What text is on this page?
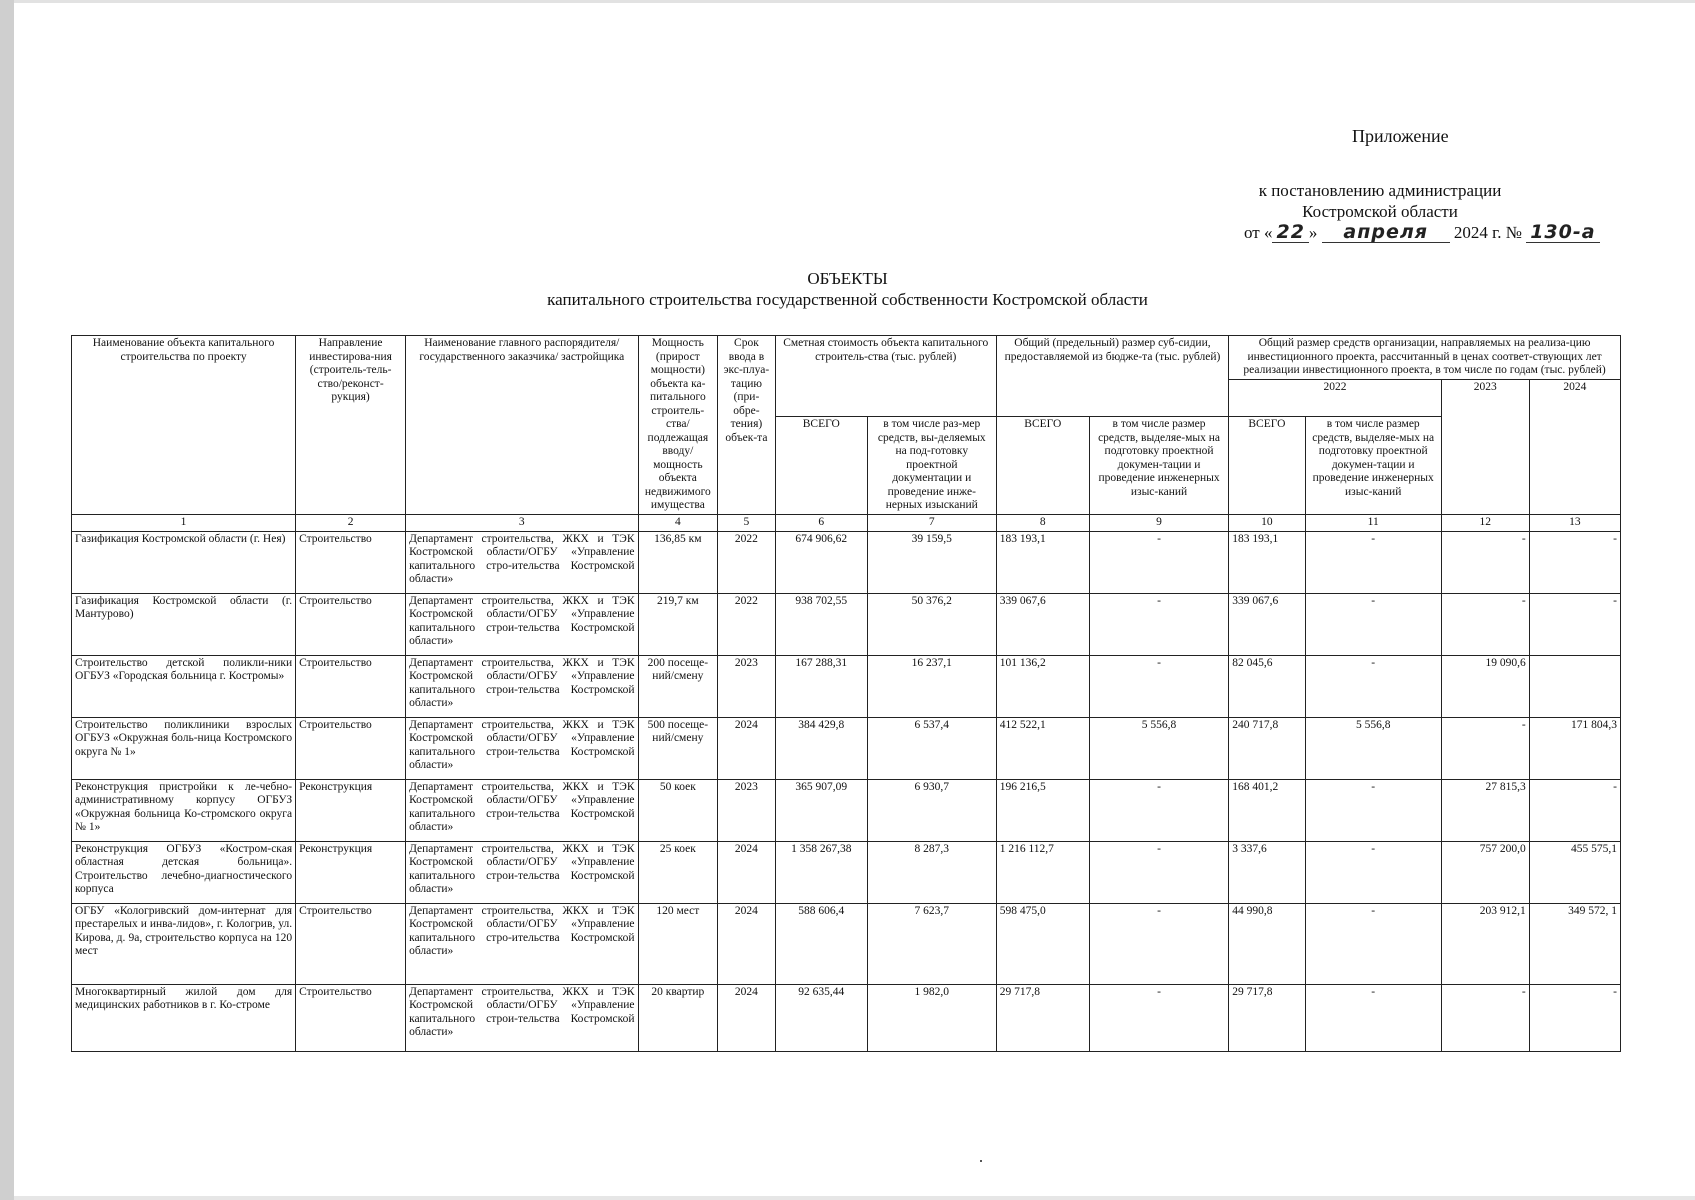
Приложение
к постановлению администрации
Костромской области
от « 22 » апреля 2024 г. № 130-а
ОБЪЕКТЫ
капитального строительства государственной собственности Костромской области
Наименование объекта капитального строительства по проекту	Направление инвестирова-ния (строитель-тель-ство/реконст-рукция)	Наименование главного распорядителя/ государственного заказчика/ застройщика	Мощность (прирост мощности) объекта ка-питального строитель-ства/ подлежащая вводу/ мощность объекта недвижимого имущества	Срок ввода в экс-плуа-тацию (при-обре-тения) объек-та	Сметная стоимость объекта капитального строитель-ства (тыс. рублей)		Общий (предельный) размер суб-сидии, предоставляемой из бюдже-та (тыс. рублей)		Общий размер средств организации, направляемых на реализа-цию инвестиционного проекта, рассчитанный в ценах соответ-ствующих лет реализации инвестиционного проекта, в том числе по годам (тыс. рублей)			
									2022		2023	2024
					ВСЕГО	в том числе раз-мер средств, вы-деляемых на под-готовку проектной документации и проведение инже-нерных изысканий	ВСЕГО	в том числе размер средств, выделяе-мых на подготовку проектной докумен-тации и проведение инженерных изыс-каний	ВСЕГО	в том числе размер средств, выделяе-мых на подготовку проектной докумен-тации и проведение инженерных изыс-каний		
1	2	3	4	5	6	7	8	9	10	11	12	13
Газификация Костромской области (г. Нея)	Строительство	Департамент строительства, ЖКХ и ТЭК Костромской области/ОГБУ «Управление капитального стро-ительства Костромской области»	136,85 км	2022	674 906,62	39 159,5	183 193,1	-	183 193,1	-	-	-
Газификация Костромской области (г. Мантурово)	Строительство	Департамент строительства, ЖКХ и ТЭК Костромской области/ОГБУ «Управление капитального строи-тельства Костромской области»	219,7 км	2022	938 702,55	50 376,2	339 067,6	-	339 067,6	-	-	-
Строительство детской поликли-ники ОГБУЗ «Городская больница г. Костромы»	Строительство	Департамент строительства, ЖКХ и ТЭК Костромской области/ОГБУ «Управление капитального строи-тельства Костромской области»	200 посеще-ний/смену	2023	167 288,31	16 237,1	101 136,2	-	82 045,6	-	19 090,6	
Строительство поликлиники взрослых ОГБУЗ «Окружная боль-ница Костромского округа № 1»	Строительство	Департамент строительства, ЖКХ и ТЭК Костромской области/ОГБУ «Управление капитального строи-тельства Костромской области»	500 посеще-ний/смену	2024	384 429,8	6 537,4	412 522,1	5 556,8	240 717,8	5 556,8	-	171 804,3
Реконструкция пристройки к ле-чебно-административному корпусу ОГБУЗ «Окружная больница Ко-стромского округа № 1»	Реконструкция	Департамент строительства, ЖКХ и ТЭК Костромской области/ОГБУ «Управление капитального строи-тельства Костромской области»	50 коек	2023	365 907,09	6 930,7	196 216,5	-	168 401,2	-	27 815,3	-
Реконструкция ОГБУЗ «Костром-ская областная детская больница». Строительство лечебно-диагностического корпуса	Реконструкция	Департамент строительства, ЖКХ и ТЭК Костромской области/ОГБУ «Управление капитального строи-тельства Костромской области»	25 коек	2024	1 358 267,38	8 287,3	1 216 112,7	-	3 337,6	-	757 200,0	455 575,1
ОГБУ «Кологривский дом-интернат для престарелых и инва-лидов», г. Кологрив, ул. Кирова, д. 9а, строительство корпуса на 120 мест	Строительство	Департамент строительства, ЖКХ и ТЭК Костромской области/ОГБУ «Управление капитального стро-ительства Костромской области»	120 мест	2024	588 606,4	7 623,7	598 475,0	-	44 990,8	-	203 912,1	349 572, 1
Многоквартирный жилой дом для медицинских работников в г. Ко-строме	Строительство	Департамент строительства, ЖКХ и ТЭК Костромской области/ОГБУ «Управление капитального строи-тельства Костромской области»	20 квартир	2024	92 635,44	1 982,0	29 717,8	-	29 717,8	-	-	-
